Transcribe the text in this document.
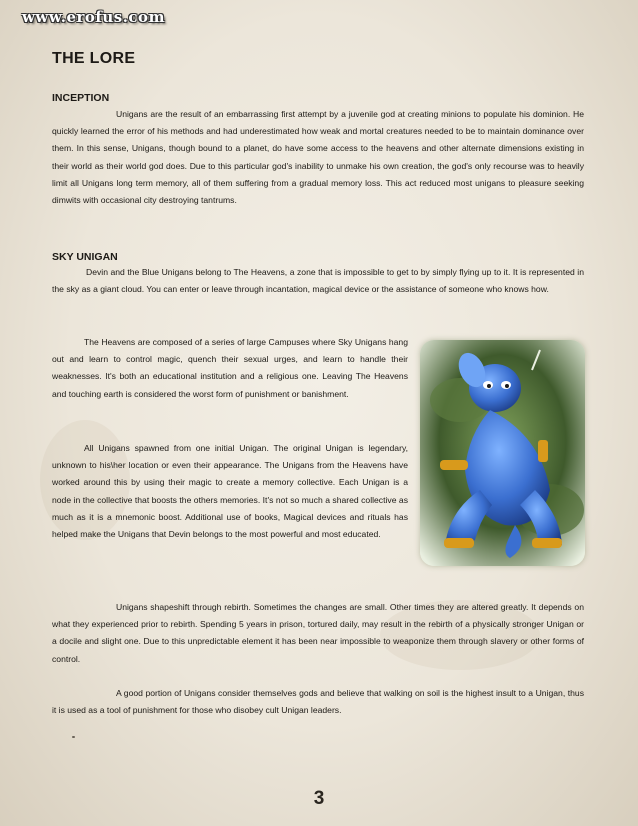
www.erofus.com
THE LORE
INCEPTION

Unigans are the result of an embarrassing first attempt by a juvenile god at creating minions to populate his dominion. He quickly learned the error of his methods and had underestimated how weak and mortal creatures needed to be to maintain dominance over them. In this sense, Unigans, though bound to a planet, do have some access to the heavens and other alternate dimensions existing in their world as their world god does. Due to this particular god's inability to unmake his own creation, the god's only recourse was to heavily limit all Unigans long term memory, all of them suffering from a gradual memory loss. This act reduced most unigans to pleasure seeking dimwits with occasional city destroying tantrums.

SKY UNIGAN

Devin and the Blue Unigans belong to The Heavens, a zone that is impossible to get to by simply flying up to it. It is represented in the sky as a giant cloud. You can enter or leave through incantation, magical device or the assistance of someone who knows how.

The Heavens are composed of a series of large Campuses where Sky Unigans hang out and learn to control magic, quench their sexual urges, and learn to handle their weaknesses. It's both an educational institution and a religious one. Leaving The Heavens and touching earth is considered the worst form of punishment or banishment.

All Unigans spawned from one initial Unigan. The original Unigan is legendary, unknown to his\her location or even their appearance. The Unigans from the Heavens have worked around this by using their magic to create a memory collective. Each Unigan is a node in the collective that boosts the others memories. It's not so much a shared collective as much as it is a mnemonic boost. Additional use of books, Magical devices and rituals has helped make the Unigans that Devin belongs to the most powerful and most educated.

Unigans shapeshift through rebirth. Sometimes the changes are small. Other times they are altered greatly. It depends on what they experienced prior to rebirth. Spending 5 years in prison, tortured daily, may result in the rebirth of a physically stronger Unigan or a docile and slight one. Due to this unpredictable element it has been near impossible to weaponize them through slavery or other forms of control.

A good portion of Unigans consider themselves gods and believe that walking on soil is the highest insult to a Unigan, thus it is used as a tool of punishment for those who disobey cult Unigan leaders.

3
